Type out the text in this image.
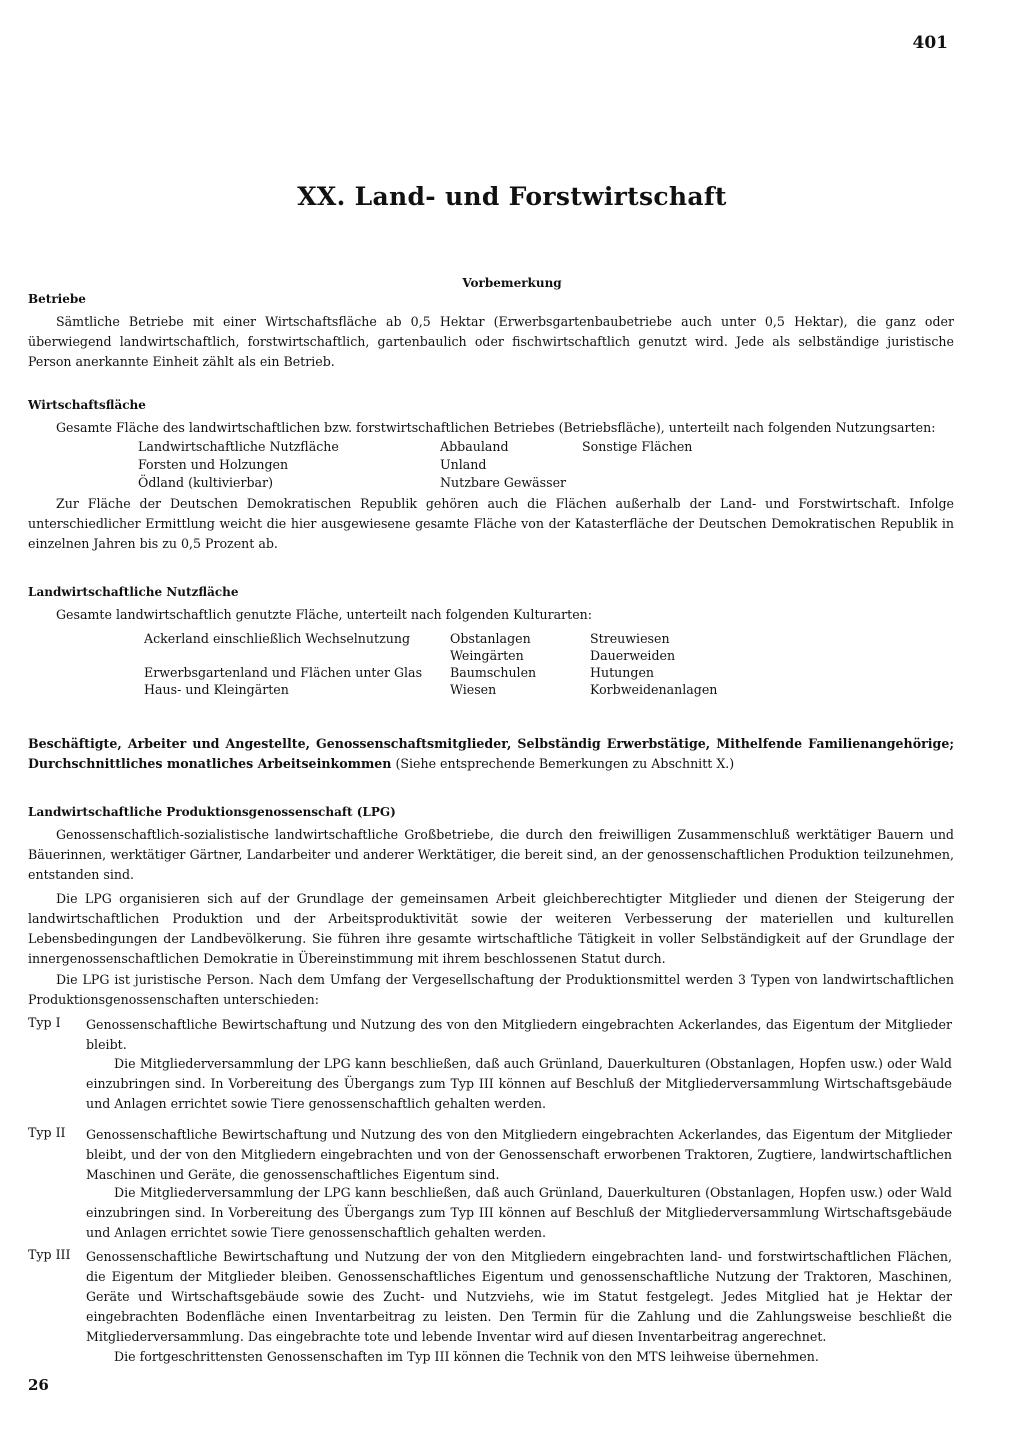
401
XX. Land- und Forstwirtschaft
Vorbemerkung
Betriebe
Sämtliche Betriebe mit einer Wirtschaftsfläche ab 0,5 Hektar (Erwerbsgartenbaubetriebe auch unter 0,5 Hektar), die ganz oder überwiegend landwirtschaftlich, forstwirtschaftlich, gartenbaulich oder fischwirtschaftlich genutzt wird. Jede als selbständige juristische Person anerkannte Einheit zählt als ein Betrieb.
Wirtschaftsfläche
Gesamte Fläche des landwirtschaftlichen bzw. forstwirtschaftlichen Betriebes (Betriebsfläche), unterteilt nach folgenden Nutzungsarten:
Landwirtschaftliche Nutzfläche
Forsten und Holzungen
Ödland (kultivierbar)
Abbauland
Unland
Nutzbare Gewässer
Sonstige Flächen
Zur Fläche der Deutschen Demokratischen Republik gehören auch die Flächen außerhalb der Land- und Forstwirtschaft. Infolge unterschiedlicher Ermittlung weicht die hier ausgewiesene gesamte Fläche von der Katasterfläche der Deutschen Demokratischen Republik in einzelnen Jahren bis zu 0,5 Prozent ab.
Landwirtschaftliche Nutzfläche
Gesamte landwirtschaftlich genutzte Fläche, unterteilt nach folgenden Kulturarten:
Ackerland einschließlich Wechselnutzung
Erwerbsgartenland und Flächen unter Glas
Haus- und Kleingärten
Obstanlagen
Weingärten
Baumschulen
Wiesen
Streuwiesen
Dauerweiden
Hutungen
Korbweidenanlagen
Beschäftigte, Arbeiter und Angestellte, Genossenschaftsmitglieder, Selbständig Erwerbstätige, Mithelfende Familienangehörige; Durchschnittliches monatliches Arbeitseinkommen (Siehe entsprechende Bemerkungen zu Abschnitt X.)
Landwirtschaftliche Produktionsgenossenschaft (LPG)
Genossenschaftlich-sozialistische landwirtschaftliche Großbetriebe, die durch den freiwilligen Zusammenschluß werktätiger Bauern und Bäuerinnen, werktätiger Gärtner, Landarbeiter und anderer Werktätiger, die bereit sind, an der genossenschaftlichen Produktion teilzunehmen, entstanden sind.
Die LPG organisieren sich auf der Grundlage der gemeinsamen Arbeit gleichberechtigter Mitglieder und dienen der Steigerung der landwirtschaftlichen Produktion und der Arbeitsproduktivität sowie der weiteren Verbesserung der materiellen und kulturellen Lebensbedingungen der Landbevölkerung. Sie führen ihre gesamte wirtschaftliche Tätigkeit in voller Selbständigkeit auf der Grundlage der innergenossenschaftlichen Demokratie in Übereinstimmung mit ihrem beschlossenen Statut durch.
Die LPG ist juristische Person. Nach dem Umfang der Vergesellschaftung der Produktionsmittel werden 3 Typen von landwirtschaftlichen Produktionsgenossenschaften unterschieden:
Typ I Genossenschaftliche Bewirtschaftung und Nutzung des von den Mitgliedern eingebrachten Ackerlandes, das Eigentum der Mitglieder bleibt.
Die Mitgliederversammlung der LPG kann beschließen, daß auch Grünland, Dauerkulturen (Obstanlagen, Hopfen usw.) oder Wald einzubringen sind. In Vorbereitung des Übergangs zum Typ III können auf Beschluß der Mitgliederversammlung Wirtschaftsgebäude und Anlagen errichtet sowie Tiere genossenschaftlich gehalten werden.
Typ II Genossenschaftliche Bewirtschaftung und Nutzung des von den Mitgliedern eingebrachten Ackerlandes, das Eigentum der Mitglieder bleibt, und der von den Mitgliedern eingebrachten und von der Genossenschaft erworbenen Traktoren, Zugtiere, landwirtschaftlichen Maschinen und Geräte, die genossenschaftliches Eigentum sind.
Die Mitgliederversammlung der LPG kann beschließen, daß auch Grünland, Dauerkulturen (Obstanlagen, Hopfen usw.) oder Wald einzubringen sind. In Vorbereitung des Übergangs zum Typ III können auf Beschluß der Mitgliederversammlung Wirtschaftsgebäude und Anlagen errichtet sowie Tiere genossenschaftlich gehalten werden.
Typ III Genossenschaftliche Bewirtschaftung und Nutzung der von den Mitgliedern eingebrachten land- und forstwirtschaftlichen Flächen, die Eigentum der Mitglieder bleiben. Genossenschaftliches Eigentum und genossenschaftliche Nutzung der Traktoren, Maschinen, Geräte und Wirtschaftsgebäude sowie des Zucht- und Nutzviehs, wie im Statut festgelegt. Jedes Mitglied hat je Hektar der eingebrachten Bodenfläche einen Inventarbeitrag zu leisten. Den Termin für die Zahlung und die Zahlungsweise beschließt die Mitgliederversammlung. Das eingebrachte tote und lebende Inventar wird auf diesen Inventarbeitrag angerechnet.
Die fortgeschrittensten Genossenschaften im Typ III können die Technik von den MTS leihweise übernehmen.
26
